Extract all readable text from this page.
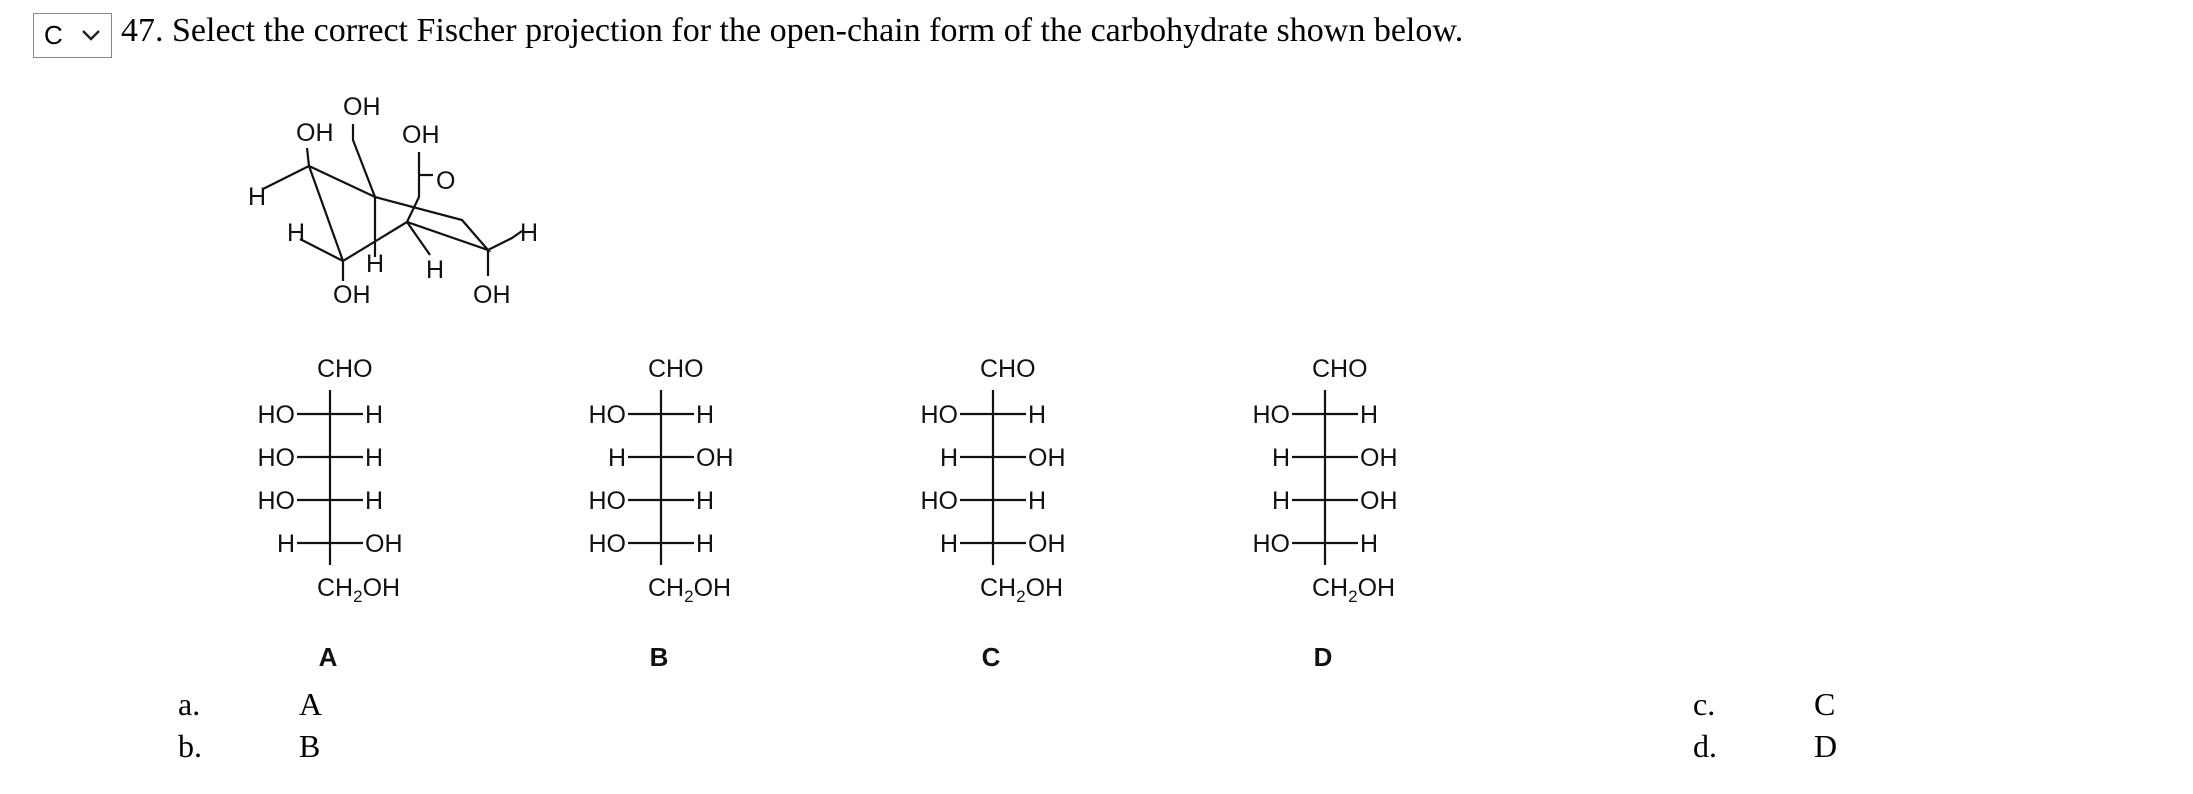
C 47. Select the correct Fischer projection for the open-chain form of the carbohydrate shown below.
OH
OH	OH
O
H
H	H
H H
OH	OH
CHO
HO	H
HO	H
HO	H
H	OH
$CH_2OH$
A
CHO
HO	H
H	OH
HO	H
HO	H
$CH_2OH$
B
CHO
HO	H
H	OH
HO	H
H	OH
$CH_2OH$
C
CHO
HO	H
H	OH
H	OH
HO	H
$CH_2OH$
D
a.	A
b.	B
c.	C
d.	D
